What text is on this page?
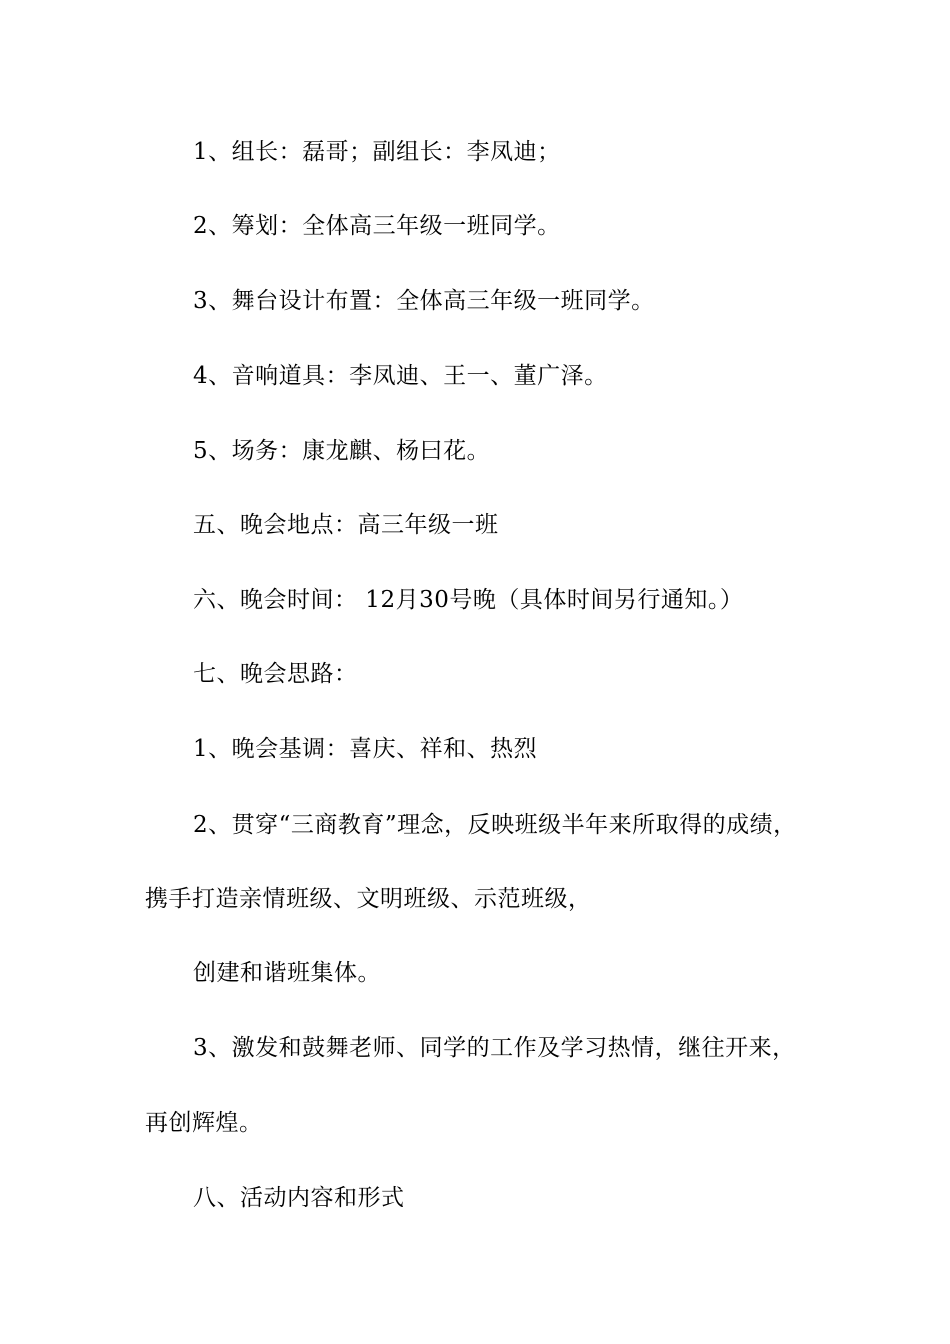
1、组长：磊哥；副组长：李凤迪；
2、筹划：全体高三年级一班同学。
3、舞台设计布置：全体高三年级一班同学。
4、音响道具：李凤迪、王一、董广泽。
5、场务：康龙麒、杨曰花。
五、晚会地点：高三年级一班
六、晚会时间： 12月30号晚（具体时间另行通知。）
七、晚会思路：
1、晚会基调：喜庆、祥和、热烈
2、贯穿“三商教育”理念，反映班级半年来所取得的成绩，
携手打造亲情班级、文明班级、示范班级，
创建和谐班集体。
3、激发和鼓舞老师、同学的工作及学习热情，继往开来，
再创辉煌。
八、活动内容和形式
